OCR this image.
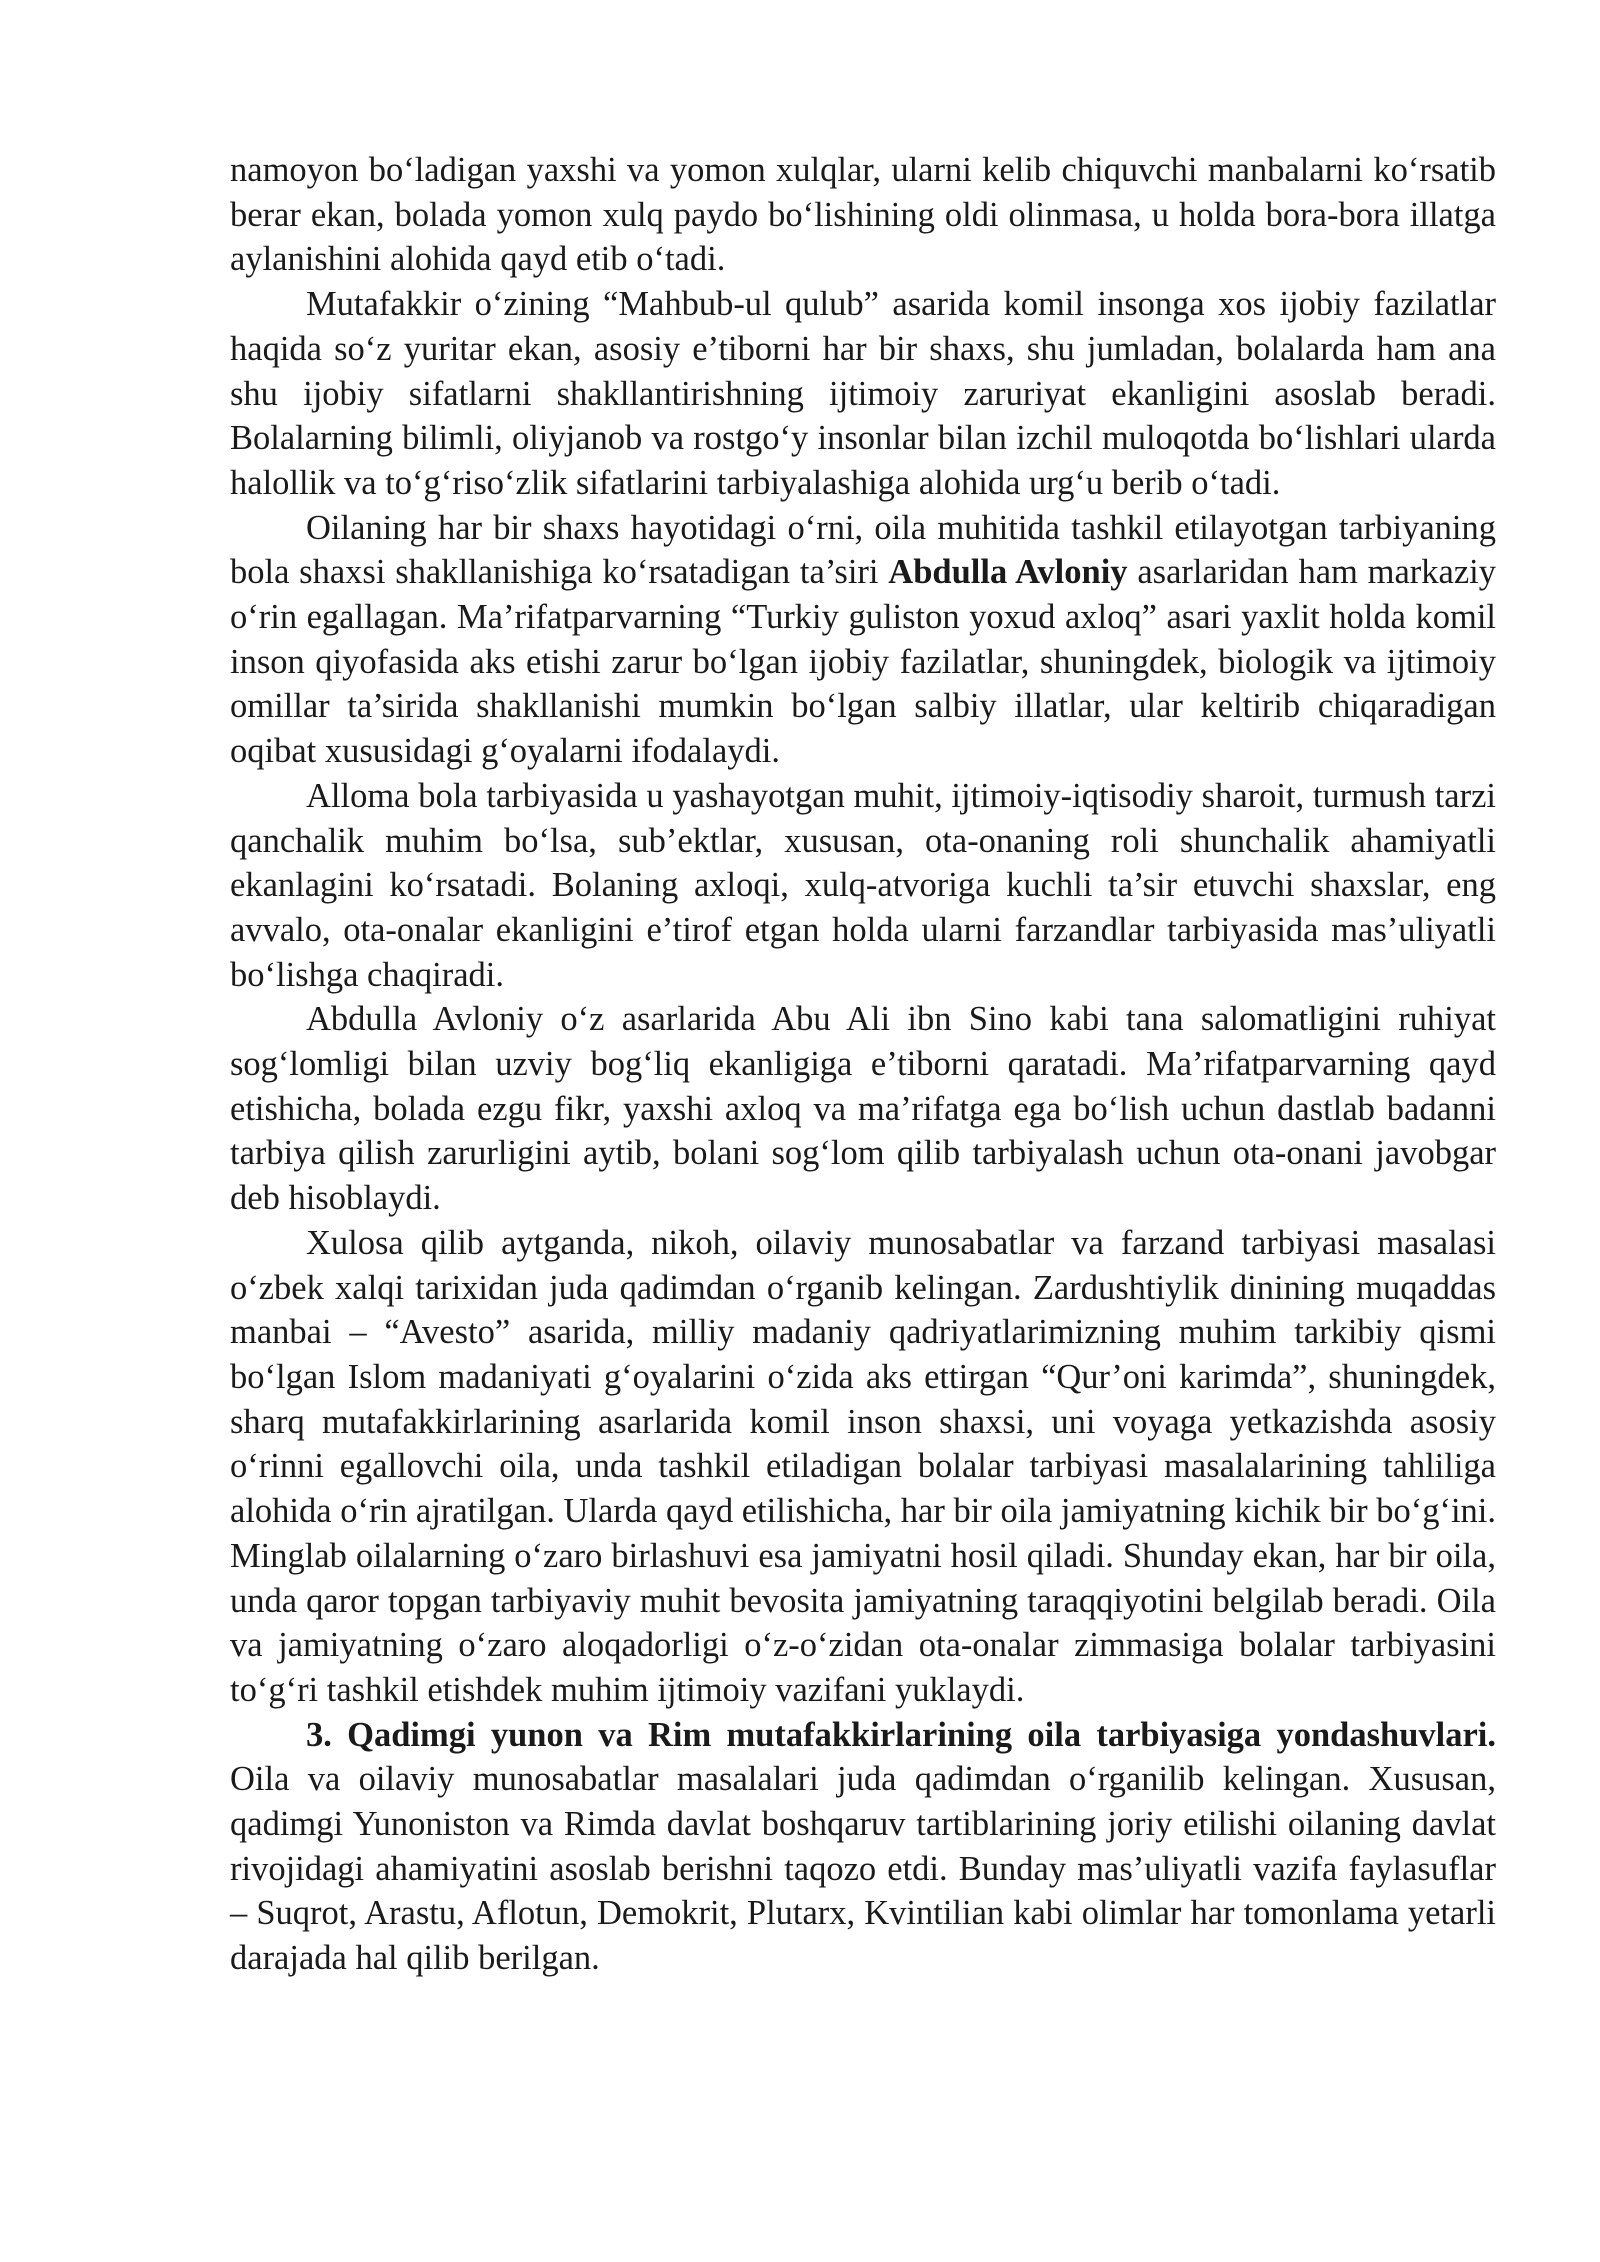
namoyon boʻladigan yaxshi va yomon xulqlar, ularni kelib chiquvchi manbalarni koʻrsatib berar ekan, bolada yomon xulq paydo boʻlishining oldi olinmasa, u holda bora-bora illatga aylanishini alohida qayd etib oʻtadi.

Mutafakkir oʻzining “Mahbub-ul qulub” asarida komil insonga xos ijobiy fazilatlar haqida soʻz yuritar ekan, asosiy e’tiborni har bir shaxs, shu jumladan, bolalarda ham ana shu ijobiy sifatlarni shakllantirishning ijtimoiy zaruriyat ekanligini asoslab beradi. Bolalarning bilimli, oliyjanob va rostgoʻy insonlar bilan izchil muloqotda boʻlishlari ularda halollik va toʻgʻrisoʻzlik sifatlarini tarbiyalashiga alohida urgʻu berib oʻtadi.

Oilaning har bir shaxs hayotidagi oʻrni, oila muhitida tashkil etilayotgan tarbiyaning bola shaxsi shakllanishiga koʻrsatadigan ta’siri Abdulla Avloniy asarlaridan ham markaziy oʻrin egallagan. Ma’rifatparvarning “Turkiy guliston yoxud axloq” asari yaxlit holda komil inson qiyofasida aks etishi zarur boʻlgan ijobiy fazilatlar, shuningdek, biologik va ijtimoiy omillar ta’sirida shakllanishi mumkin boʻlgan salbiy illatlar, ular keltirib chiqaradigan oqibat xususidagi gʻoyalarni ifodalaydi.

Alloma bola tarbiyasida u yashayotgan muhit, ijtimoiy-iqtisodiy sharoit, turmush tarzi qanchalik muhim boʻlsa, sub’ektlar, xususan, ota-onaning roli shunchalik ahamiyatli ekanlagini koʻrsatadi. Bolaning axloqi, xulq-atvoriga kuchli ta’sir etuvchi shaxslar, eng avvalo, ota-onalar ekanligini e’tirof etgan holda ularni farzandlar tarbiyasida mas’uliyatli boʻlishga chaqiradi.

Abdulla Avloniy oʻz asarlarida Abu Ali ibn Sino kabi tana salomatligini ruhiyat sogʻlomligi bilan uzviy bogʻliq ekanligiga e’tiborni qaratadi. Ma’rifatparvarning qayd etishicha, bolada ezgu fikr, yaxshi axloq va ma’rifatga ega boʻlish uchun dastlab badanni tarbiya qilish zarurligini aytib, bolani sogʻlom qilib tarbiyalash uchun ota-onani javobgar deb hisoblaydi.

Xulosa qilib aytganda, nikoh, oilaviy munosabatlar va farzand tarbiyasi masalasi oʻzbek xalqi tarixidan juda qadimdan oʻrganib kelingan. Zardushtiylik dinining muqaddas manbai – “Avesto” asarida, milliy madaniy qadriyatlarimizning muhim tarkibiy qismi boʻlgan Islom madaniyati gʻoyalarini oʻzida aks ettirgan “Qur’oni karimda”, shuningdek, sharq mutafakkirlarining asarlarida komil inson shaxsi, uni voyaga yetkazishda asosiy oʻrinni egallovchi oila, unda tashkil etiladigan bolalar tarbiyasi masalalarining tahliliga alohida oʻrin ajratilgan. Ularda qayd etilishicha, har bir oila jamiyatning kichik bir boʻgʻini. Minglab oilalarning oʻzaro birlashuvi esa jamiyatni hosil qiladi. Shunday ekan, har bir oila, unda qaror topgan tarbiyaviy muhit bevosita jamiyatning taraqqiyotini belgilab beradi. Oila va jamiyatning oʻzaro aloqadorligi oʻz-oʻzidan ota-onalar zimmasiga bolalar tarbiyasini toʻgʻri tashkil etishdek muhim ijtimoiy vazifani yuklaydi.

3. Qadimgi yunon va Rim mutafakkirlarining oila tarbiyasiga yondashuvlari. Oila va oilaviy munosabatlar masalalari juda qadimdan oʻrganilib kelingan. Xususan, qadimgi Yunoniston va Rimda davlat boshqaruv tartiblarining joriy etilishi oilaning davlat rivojidagi ahamiyatini asoslab berishni taqozo etdi. Bunday mas’uliyatli vazifa faylasuflar – Suqrot, Arastu, Aflotun, Demokrit, Plutarx, Kvintilian kabi olimlar har tomonlama yetarli darajada hal qilib berilgan.
